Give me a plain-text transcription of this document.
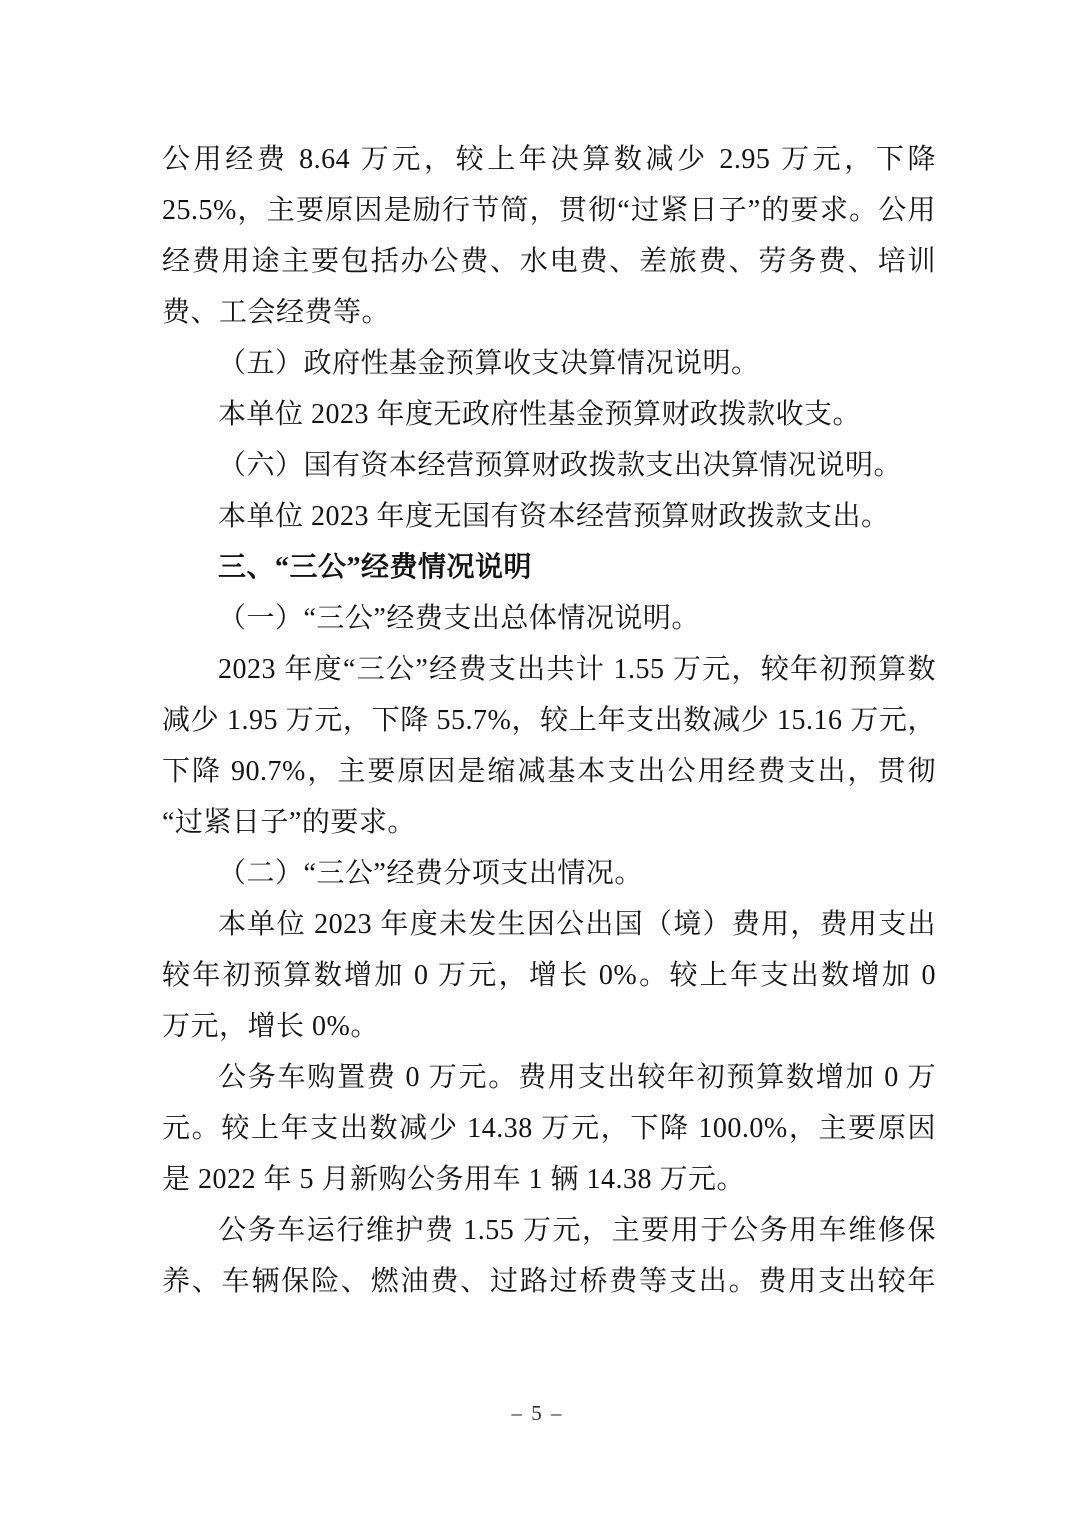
公用经费 8.64 万元，较上年决算数减少 2.95 万元，下降
25.5%，主要原因是励行节简，贯彻“过紧日子”的要求。公用
经费用途主要包括办公费、水电费、差旅费、劳务费、培训
费、工会经费等。
（五）政府性基金预算收支决算情况说明。
本单位 2023 年度无政府性基金预算财政拨款收支。
（六）国有资本经营预算财政拨款支出决算情况说明。
本单位 2023 年度无国有资本经营预算财政拨款支出。
三、“三公”经费情况说明
（一）“三公”经费支出总体情况说明。
2023 年度“三公”经费支出共计 1.55 万元，较年初预算数
减少 1.95 万元，下降 55.7%，较上年支出数减少 15.16 万元，
下降 90.7%，主要原因是缩减基本支出公用经费支出，贯彻
“过紧日子”的要求。
（二）“三公”经费分项支出情况。
本单位 2023 年度未发生因公出国（境）费用，费用支出
较年初预算数增加 0 万元，增长 0%。较上年支出数增加 0
万元，增长 0%。
公务车购置费 0 万元。费用支出较年初预算数增加 0 万
元。较上年支出数减少 14.38 万元，下降 100.0%，主要原因
是 2022 年 5 月新购公务用车 1 辆 14.38 万元。
公务车运行维护费 1.55 万元，主要用于公务用车维修保
养、车辆保险、燃油费、过路过桥费等支出。费用支出较年
– 5 –
